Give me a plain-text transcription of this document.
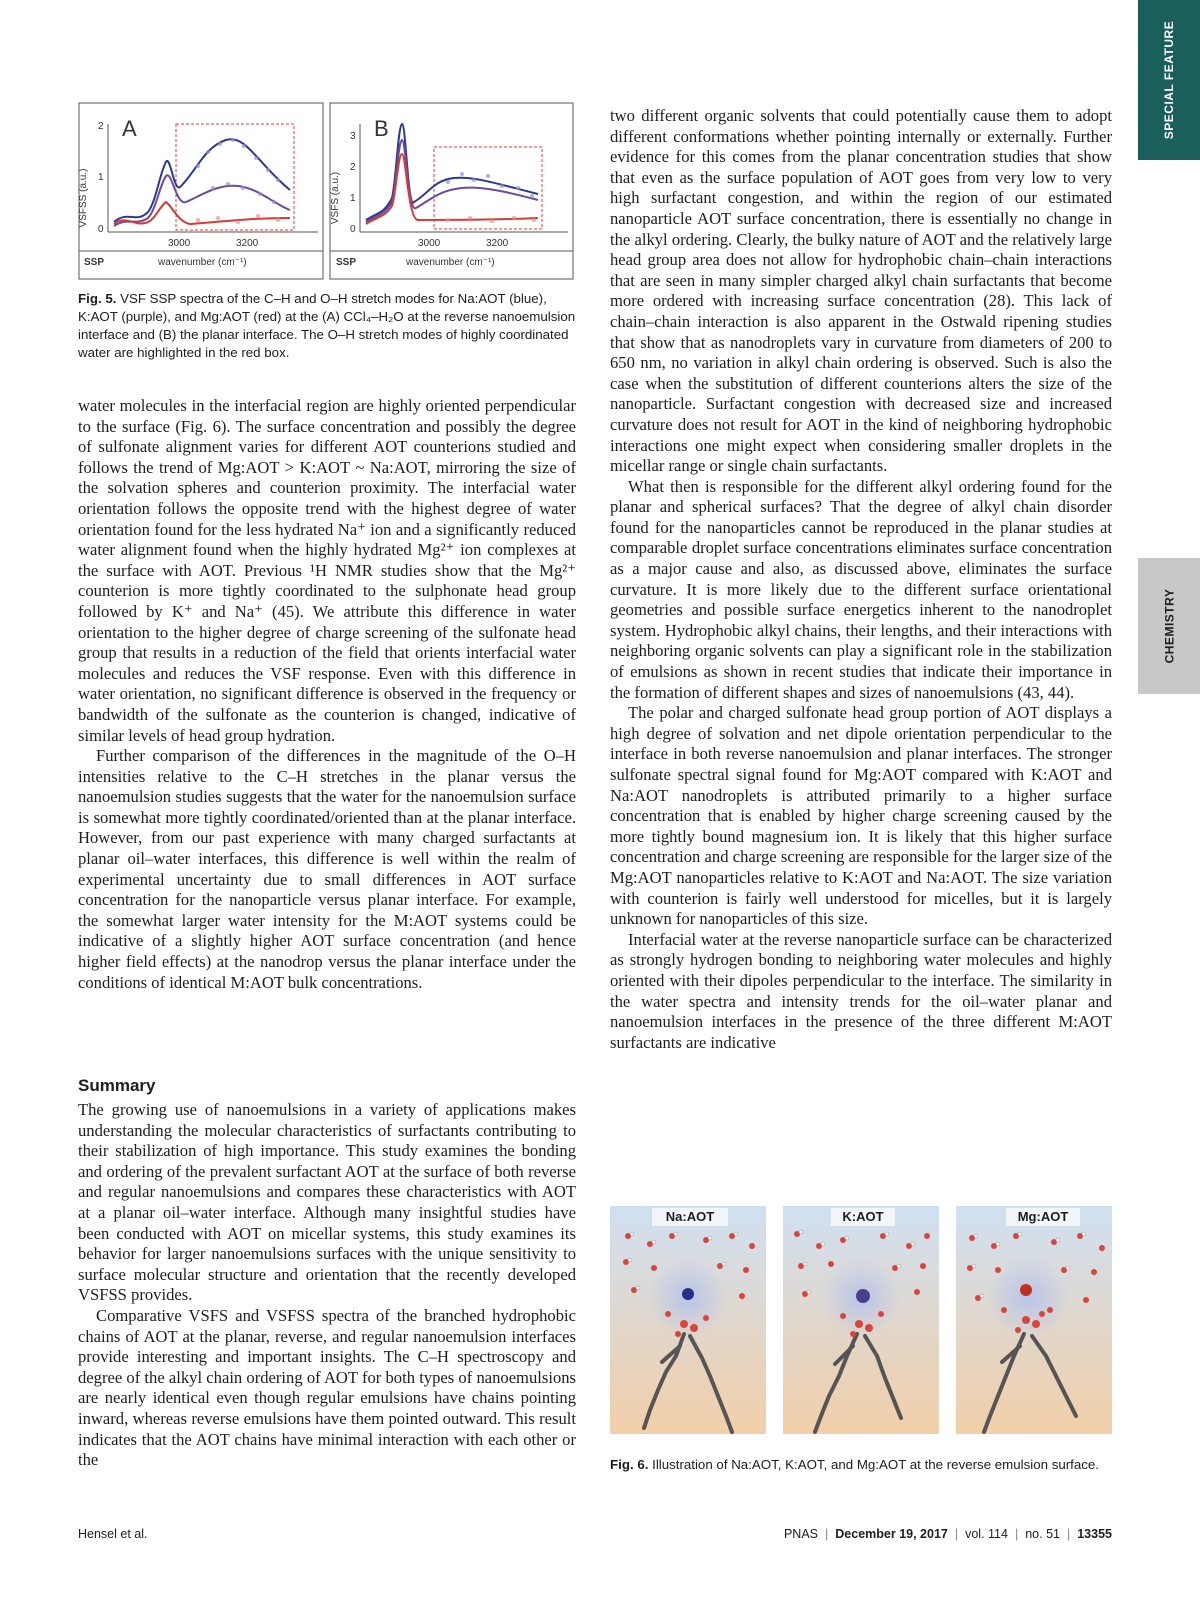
SPECIAL FEATURE
CHEMISTRY
VSFSS (a.u.)
2
1
0
A
3000	3200
SSP	wavenumber (cm⁻¹)
VSFS (a.u.)
3
2
1
0
B
3000	3200
SSP	wavenumber (cm⁻¹)
Fig. 5. VSF SSP spectra of the C–H and O–H stretch modes for Na:AOT (blue), K:AOT (purple), and Mg:AOT (red) at the (A) CCl₄–H₂O at the reverse nanoemulsion interface and (B) the planar interface. The O–H stretch modes of highly coordinated water are highlighted in the red box.

water molecules in the interfacial region are highly oriented perpendicular to the surface (Fig. 6). The surface concentration and possibly the degree of sulfonate alignment varies for different AOT counterions studied and follows the trend of Mg:AOT > K:AOT ~ Na:AOT, mirroring the size of the solvation spheres and counterion proximity. The interfacial water orientation follows the opposite trend with the highest degree of water orientation found for the less hydrated Na⁺ ion and a significantly reduced water alignment found when the highly hydrated Mg²⁺ ion complexes at the surface with AOT. Previous ¹H NMR studies show that the Mg²⁺ counterion is more tightly coordinated to the sulphonate head group followed by K⁺ and Na⁺ (45). We attribute this difference in water orientation to the higher degree of charge screening of the sulfonate head group that results in a reduction of the field that orients interfacial water molecules and reduces the VSF response. Even with this difference in water orientation, no significant difference is observed in the frequency or bandwidth of the sulfonate as the counterion is changed, indicative of similar levels of head group hydration.

Further comparison of the differences in the magnitude of the O–H intensities relative to the C–H stretches in the planar versus the nanoemulsion studies suggests that the water for the nanoemulsion surface is somewhat more tightly coordinated/oriented than at the planar interface. However, from our past experience with many charged surfactants at planar oil–water interfaces, this difference is well within the realm of experimental uncertainty due to small differences in AOT surface concentration for the nanoparticle versus planar interface. For example, the somewhat larger water intensity for the M:AOT systems could be indicative of a slightly higher AOT surface concentration (and hence higher field effects) at the nanodrop versus the planar interface under the conditions of identical M:AOT bulk concentrations.

Summary

The growing use of nanoemulsions in a variety of applications makes understanding the molecular characteristics of surfactants contributing to their stabilization of high importance. This study examines the bonding and ordering of the prevalent surfactant AOT at the surface of both reverse and regular nanoemulsions and compares these characteristics with AOT at a planar oil–water interface. Although many insightful studies have been conducted with AOT on micellar systems, this study examines its behavior for larger nanoemulsions surfaces with the unique sensitivity to surface molecular structure and orientation that the recently developed VSFSS provides.

Comparative VSFS and VSFSS spectra of the branched hydrophobic chains of AOT at the planar, reverse, and regular nanoemulsion interfaces provide interesting and important insights. The C–H spectroscopy and degree of the alkyl chain ordering of AOT for both types of nanoemulsions are nearly identical even though regular emulsions have chains pointing inward, whereas reverse emulsions have them pointed outward. This result indicates that the AOT chains have minimal interaction with each other or the

two different organic solvents that could potentially cause them to adopt different conformations whether pointing internally or externally. Further evidence for this comes from the planar concentration studies that show that even as the surface population of AOT goes from very low to very high surfactant congestion, and within the region of our estimated nanoparticle AOT surface concentration, there is essentially no change in the alkyl ordering. Clearly, the bulky nature of AOT and the relatively large head group area does not allow for hydrophobic chain–chain interactions that are seen in many simpler charged alkyl chain surfactants that become more ordered with increasing surface concentration (28). This lack of chain–chain interaction is also apparent in the Ostwald ripening studies that show that as nanodroplets vary in curvature from diameters of 200 to 650 nm, no variation in alkyl chain ordering is observed. Such is also the case when the substitution of different counterions alters the size of the nanoparticle. Surfactant congestion with decreased size and increased curvature does not result for AOT in the kind of neighboring hydrophobic interactions one might expect when considering smaller droplets in the micellar range or single chain surfactants.

What then is responsible for the different alkyl ordering found for the planar and spherical surfaces? That the degree of alkyl chain disorder found for the nanoparticles cannot be reproduced in the planar studies at comparable droplet surface concentrations eliminates surface concentration as a major cause and also, as discussed above, eliminates the surface curvature. It is more likely due to the different surface orientational geometries and possible surface energetics inherent to the nanodroplet system. Hydrophobic alkyl chains, their lengths, and their interactions with neighboring organic solvents can play a significant role in the stabilization of emulsions as shown in recent studies that indicate their importance in the formation of different shapes and sizes of nanoemulsions (43, 44).

The polar and charged sulfonate head group portion of AOT displays a high degree of solvation and net dipole orientation perpendicular to the interface in both reverse nanoemulsion and planar interfaces. The stronger sulfonate spectral signal found for Mg:AOT compared with K:AOT and Na:AOT nanodroplets is attributed primarily to a higher surface concentration that is enabled by higher charge screening caused by the more tightly bound magnesium ion. It is likely that this higher surface concentration and charge screening are responsible for the larger size of the Mg:AOT nanoparticles relative to K:AOT and Na:AOT. The size variation with counterion is fairly well understood for micelles, but it is largely unknown for nanoparticles of this size.

Interfacial water at the reverse nanoparticle surface can be characterized as strongly hydrogen bonding to neighboring water molecules and highly oriented with their dipoles perpendicular to the interface. The similarity in the water spectra and intensity trends for the oil–water planar and nanoemulsion interfaces in the presence of the three different M:AOT surfactants are indicative

Na:AOT	K:AOT	Mg:AOT
Fig. 6. Illustration of Na:AOT, K:AOT, and Mg:AOT at the reverse emulsion surface.
Hensel et al.	PNAS | December 19, 2017 | vol. 114 | no. 51 | 13355
